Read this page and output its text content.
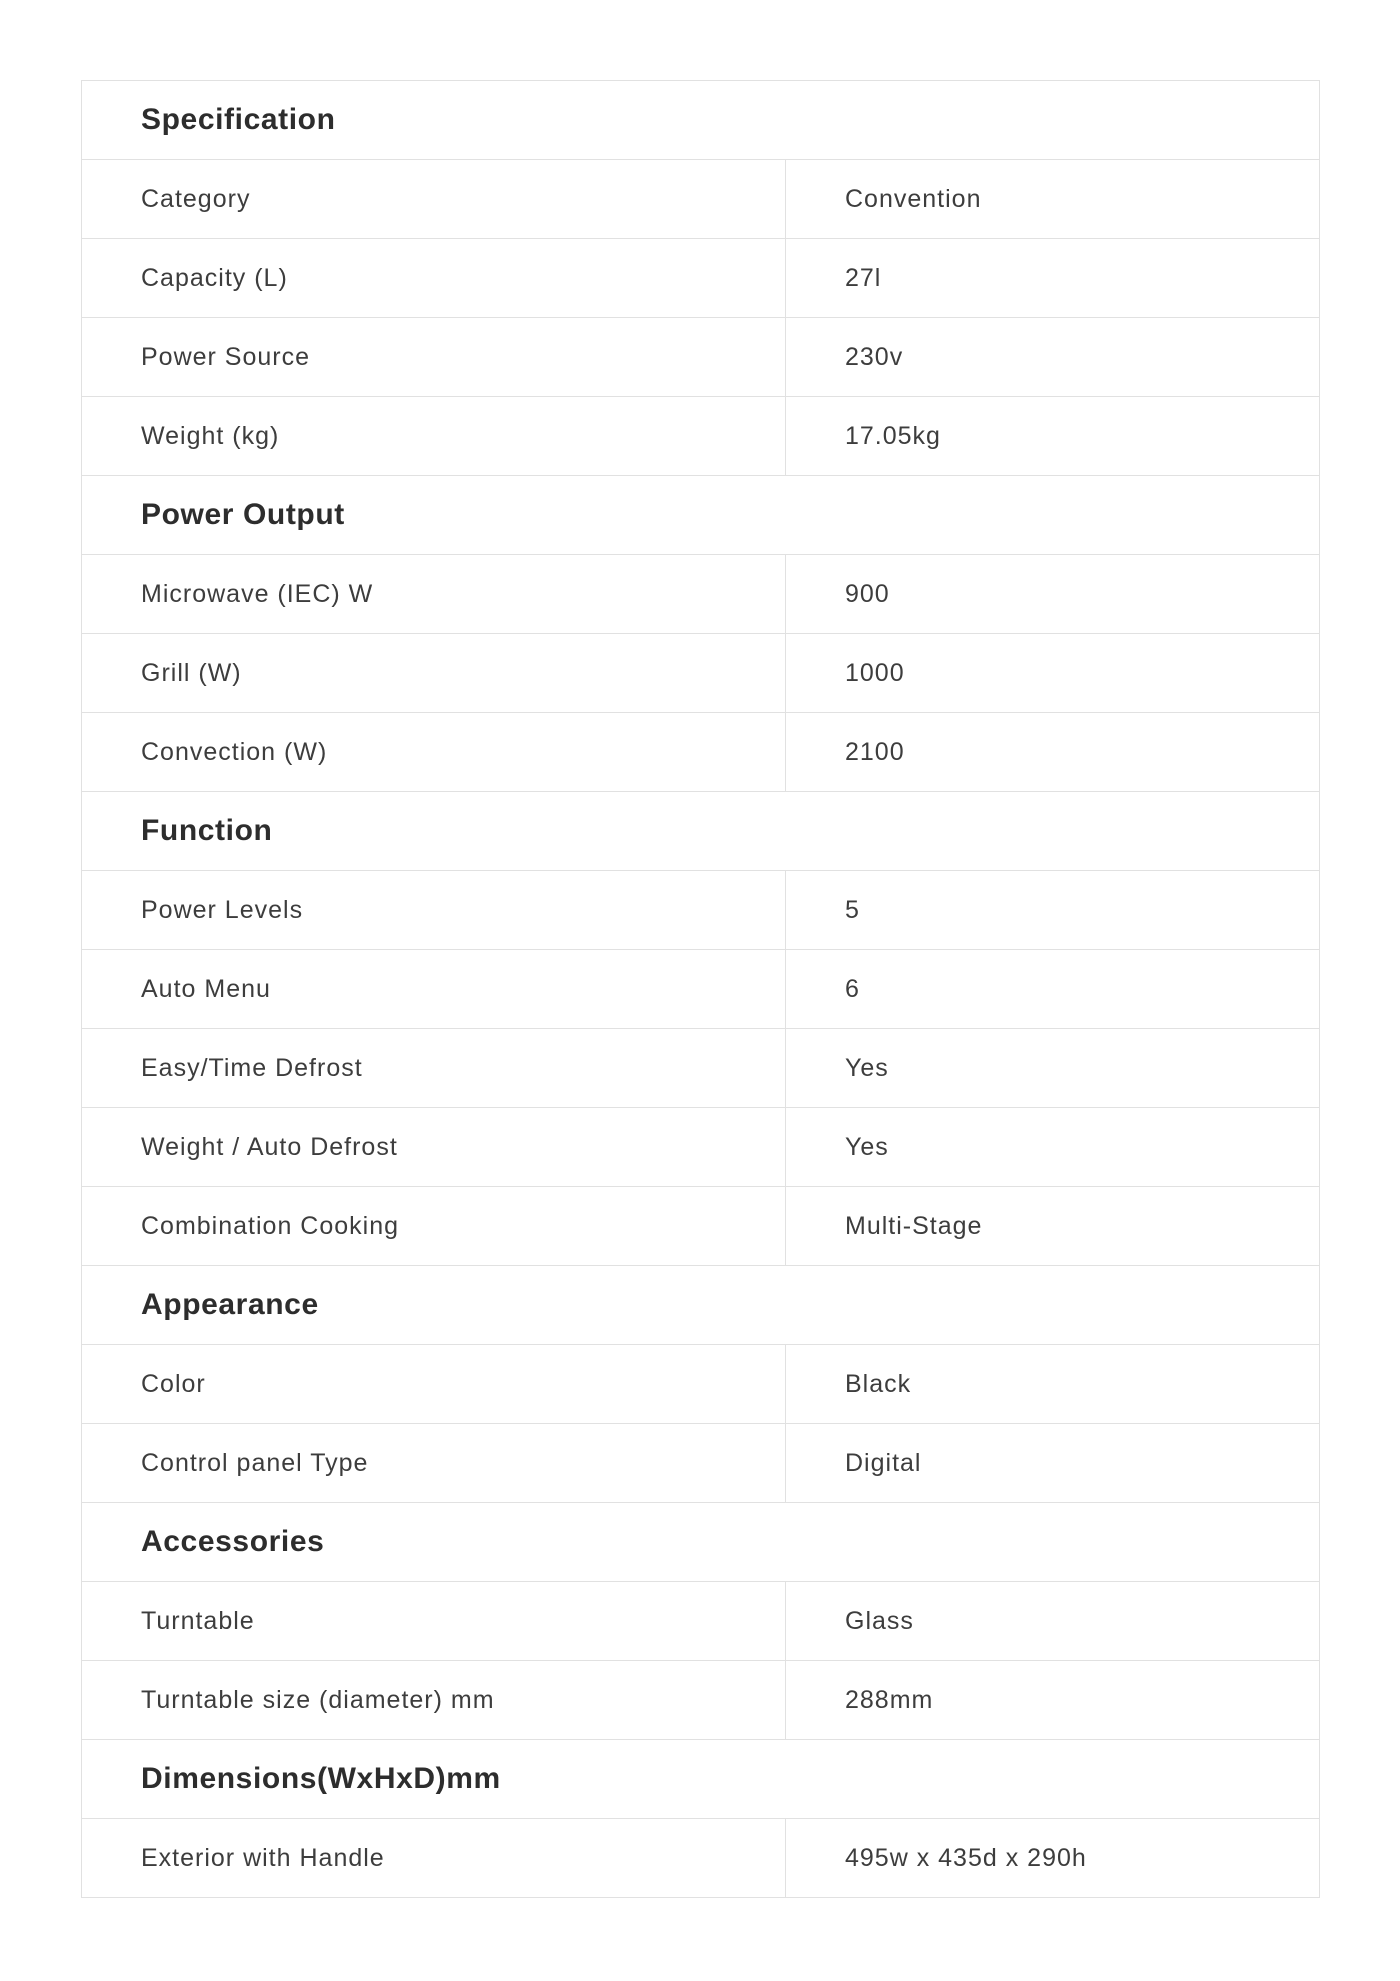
Specification	
Category	Convention
Capacity (L)	27l
Power Source	230v
Weight (kg)	17.05kg
Power Output	
Microwave (IEC) W	900
Grill (W)	1000
Convection (W)	2100
Function	
Power Levels	5
Auto Menu	6
Easy/Time Defrost	Yes
Weight / Auto Defrost	Yes
Combination Cooking	Multi-Stage
Appearance	
Color	Black
Control panel Type	Digital
Accessories	
Turntable	Glass
Turntable size (diameter) mm	288mm
Dimensions(WxHxD)mm	
Exterior with Handle	495w x 435d x 290h
